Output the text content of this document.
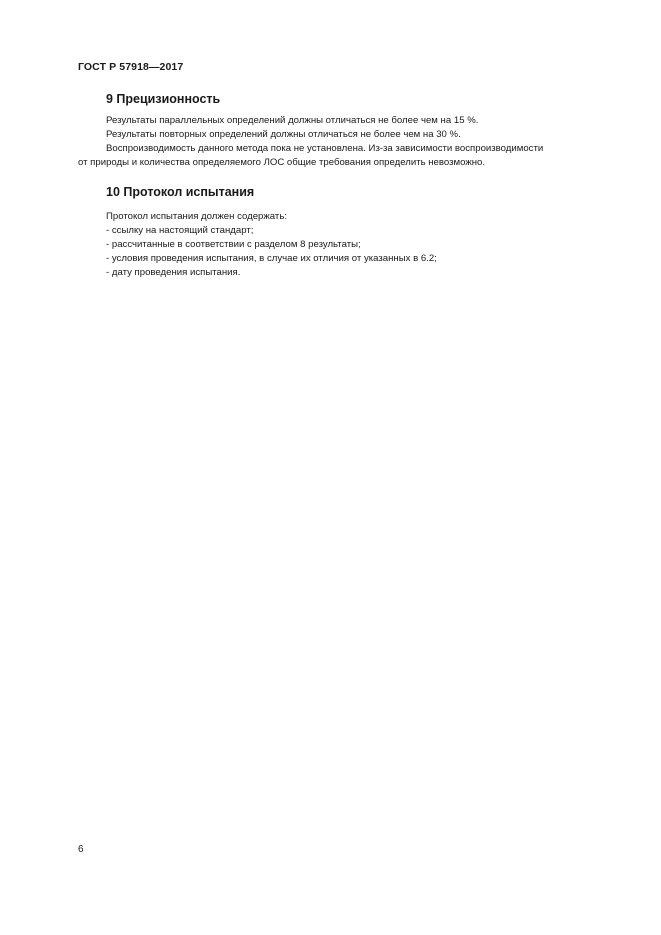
ГОСТ Р 57918—2017
9 Прецизионность
Результаты параллельных определений должны отличаться не более чем на 15 %.
Результаты повторных определений должны отличаться не более чем на 30 %.
Воспроизводимость данного метода пока не установлена. Из-за зависимости воспроизводимости
от природы и количества определяемого ЛОС общие требования определить невозможно.
10 Протокол испытания
Протокол испытания должен содержать:
- ссылку на настоящий стандарт;
- рассчитанные в соответствии с разделом 8 результаты;
- условия проведения испытания, в случае их отличия от указанных в 6.2;
- дату проведения испытания.
6
